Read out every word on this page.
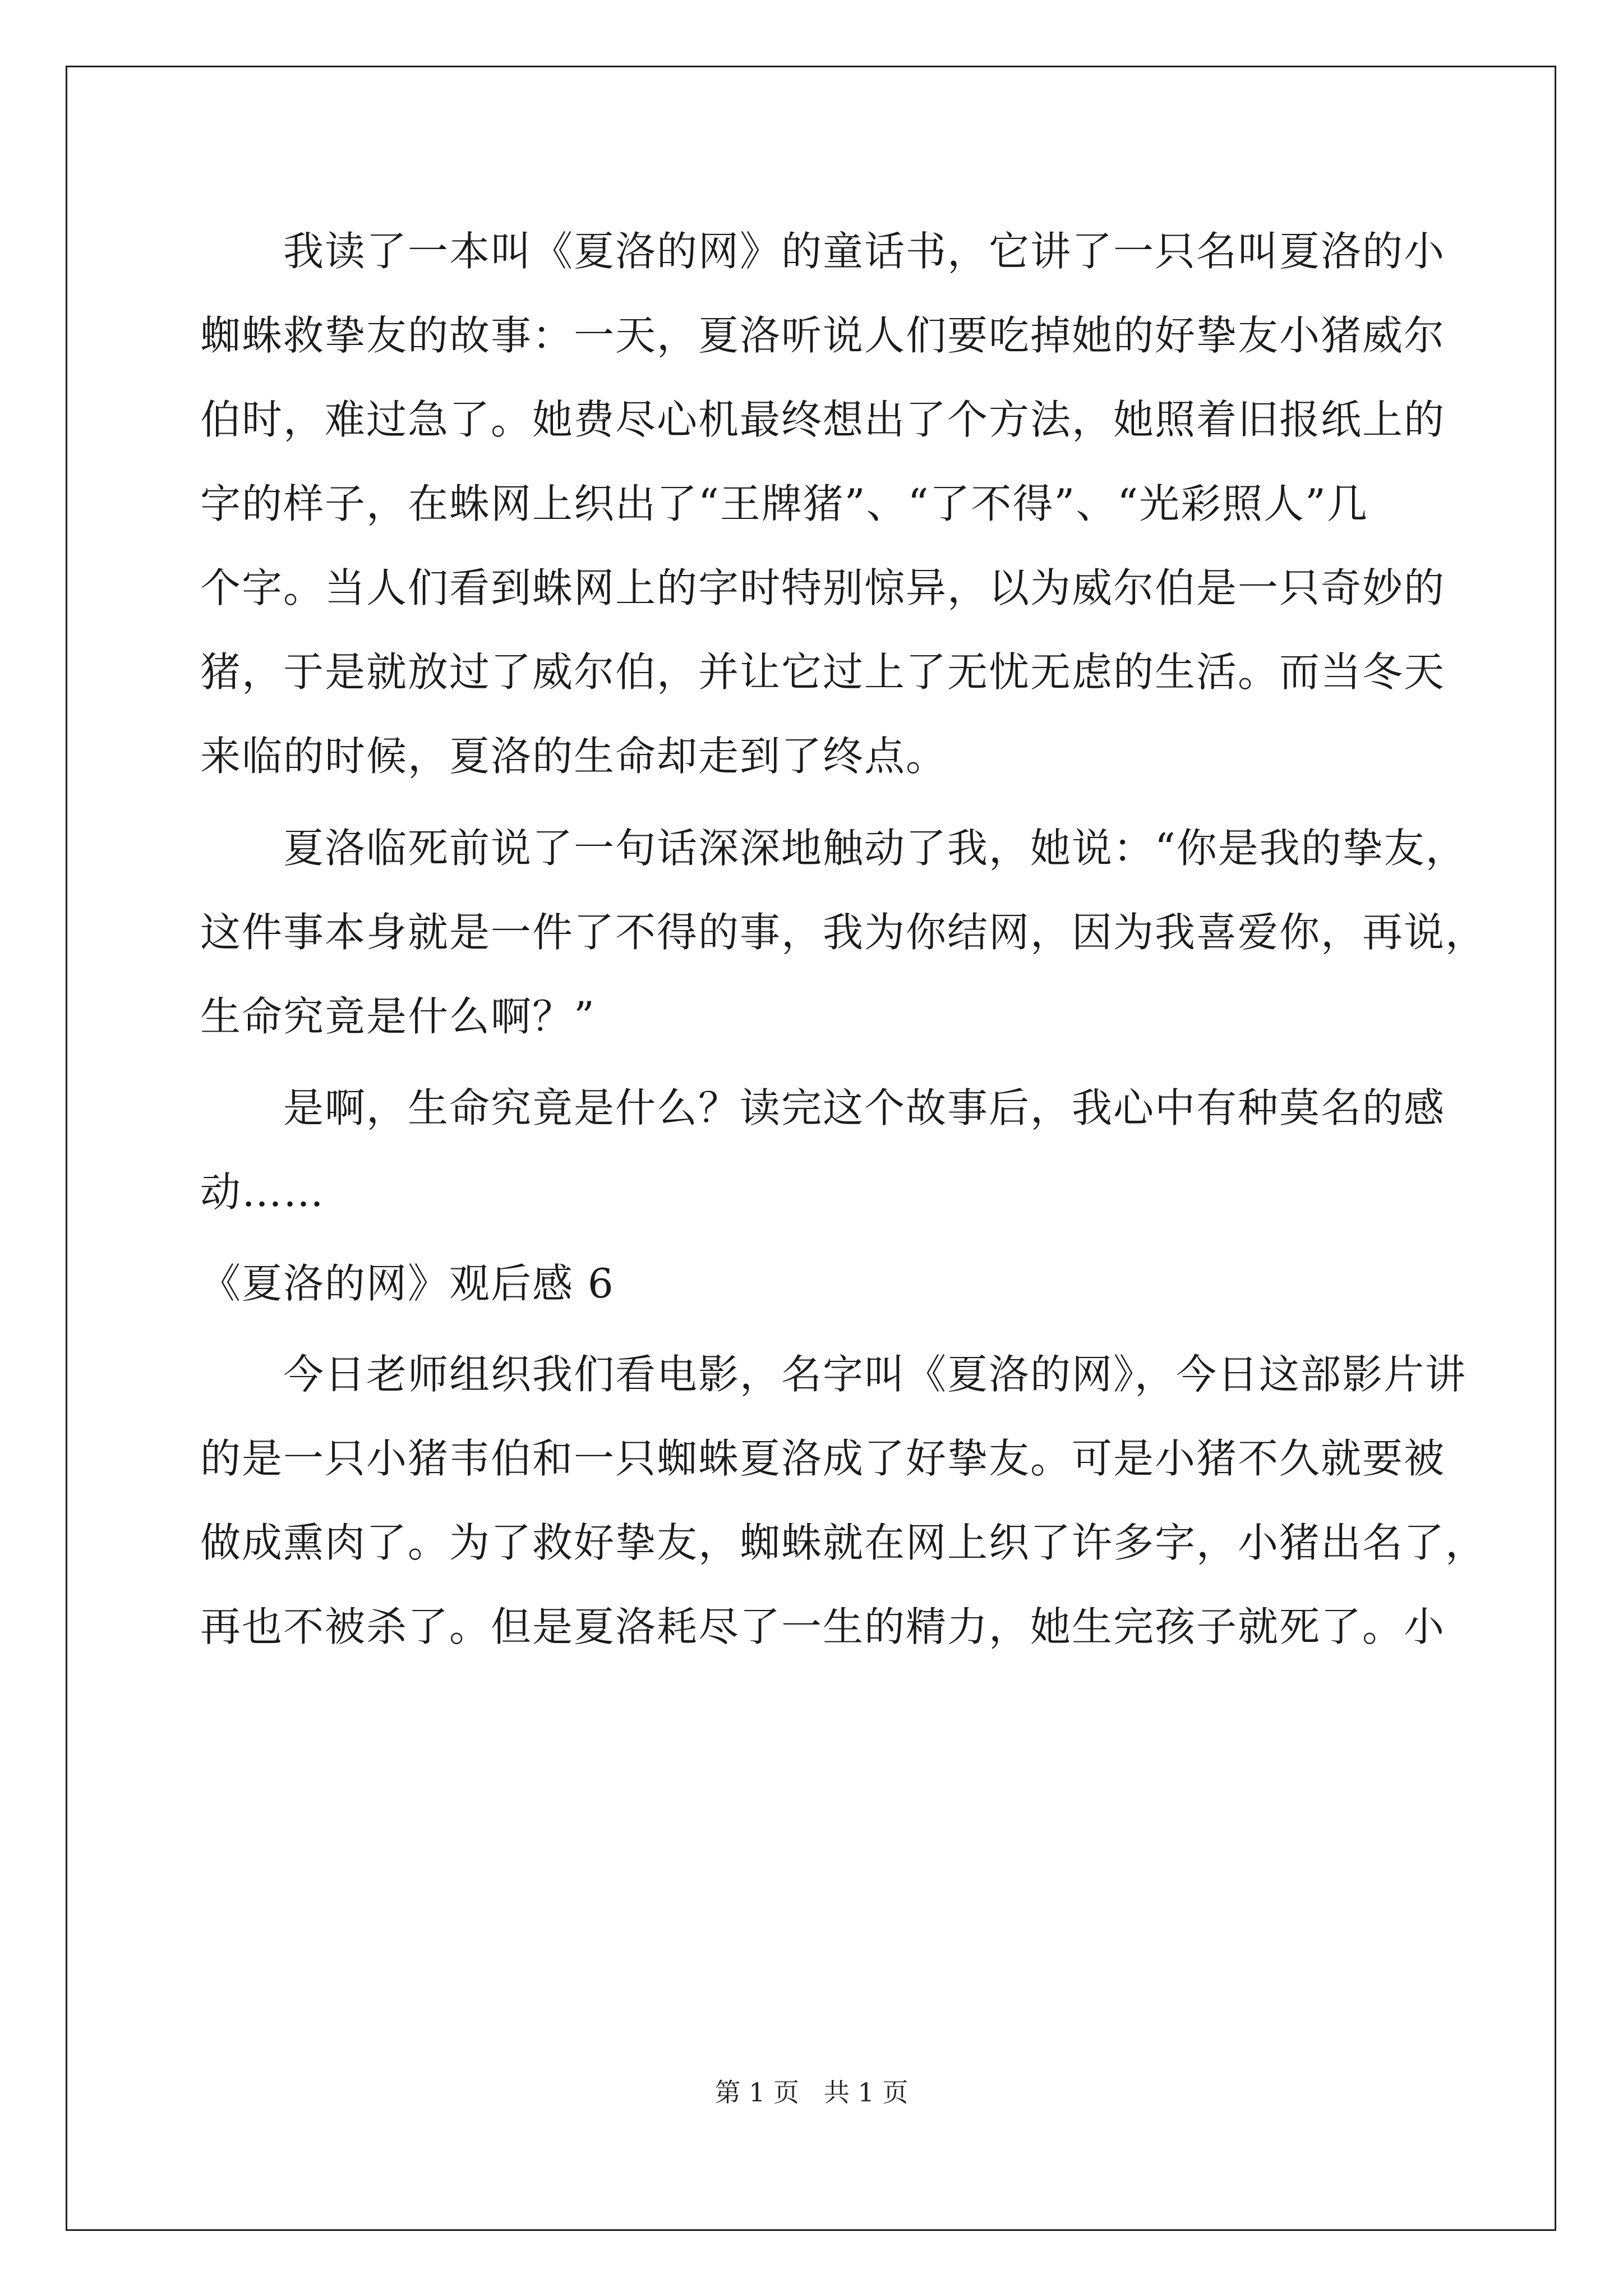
我读了一本叫《夏洛的网》的童话书，它讲了一只名叫夏洛的小
蜘蛛救挚友的故事：一天，夏洛听说人们要吃掉她的好挚友小猪威尔
伯时，难过急了。她费尽心机最终想出了个方法，她照着旧报纸上的
字的样子，在蛛网上织出了“王牌猪”、“了不得”、“光彩照人”几
个字。当人们看到蛛网上的字时特别惊异，以为威尔伯是一只奇妙的
猪，于是就放过了威尔伯，并让它过上了无忧无虑的生活。而当冬天
来临的时候，夏洛的生命却走到了终点。
夏洛临死前说了一句话深深地触动了我，她说：“你是我的挚友，
这件事本身就是一件了不得的事，我为你结网，因为我喜爱你，再说，
生命究竟是什么啊？”
是啊，生命究竟是什么？读完这个故事后，我心中有种莫名的感
动……
《夏洛的网》观后感 6
今日老师组织我们看电影，名字叫《夏洛的网》，今日这部影片讲
的是一只小猪韦伯和一只蜘蛛夏洛成了好挚友。可是小猪不久就要被
做成熏肉了。为了救好挚友，蜘蛛就在网上织了许多字，小猪出名了，
再也不被杀了。但是夏洛耗尽了一生的精力，她生完孩子就死了。小
第 1 页 共 1 页
